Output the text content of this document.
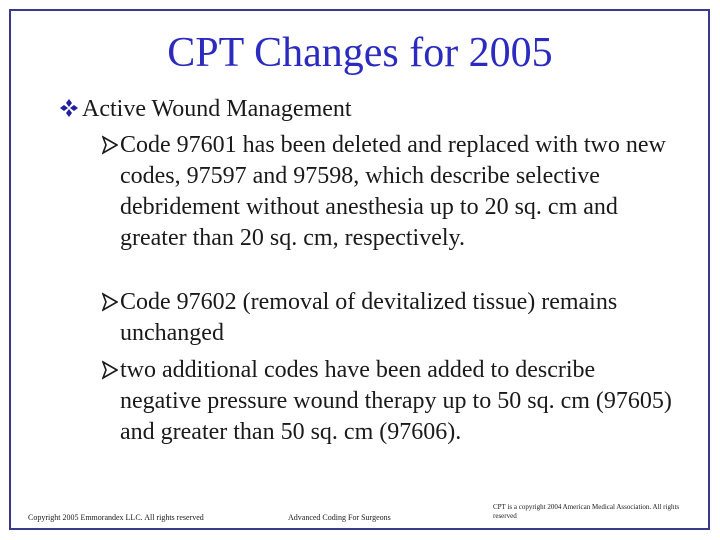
CPT Changes for 2005
Active Wound Management
Code 97601 has been deleted and replaced with two new codes, 97597 and 97598, which describe selective debridement without anesthesia up to 20 sq. cm and greater than 20 sq. cm, respectively.
Code 97602 (removal of devitalized tissue) remains unchanged
two additional codes have been added to describe negative pressure wound therapy up to 50 sq. cm (97605) and greater than 50 sq. cm (97606).
Copyright 2005 Emmorandex LLC. All rights reserved	Advanced Coding For Surgeons
CPT is a copyright 2004 American Medical Association. All rights reserved
